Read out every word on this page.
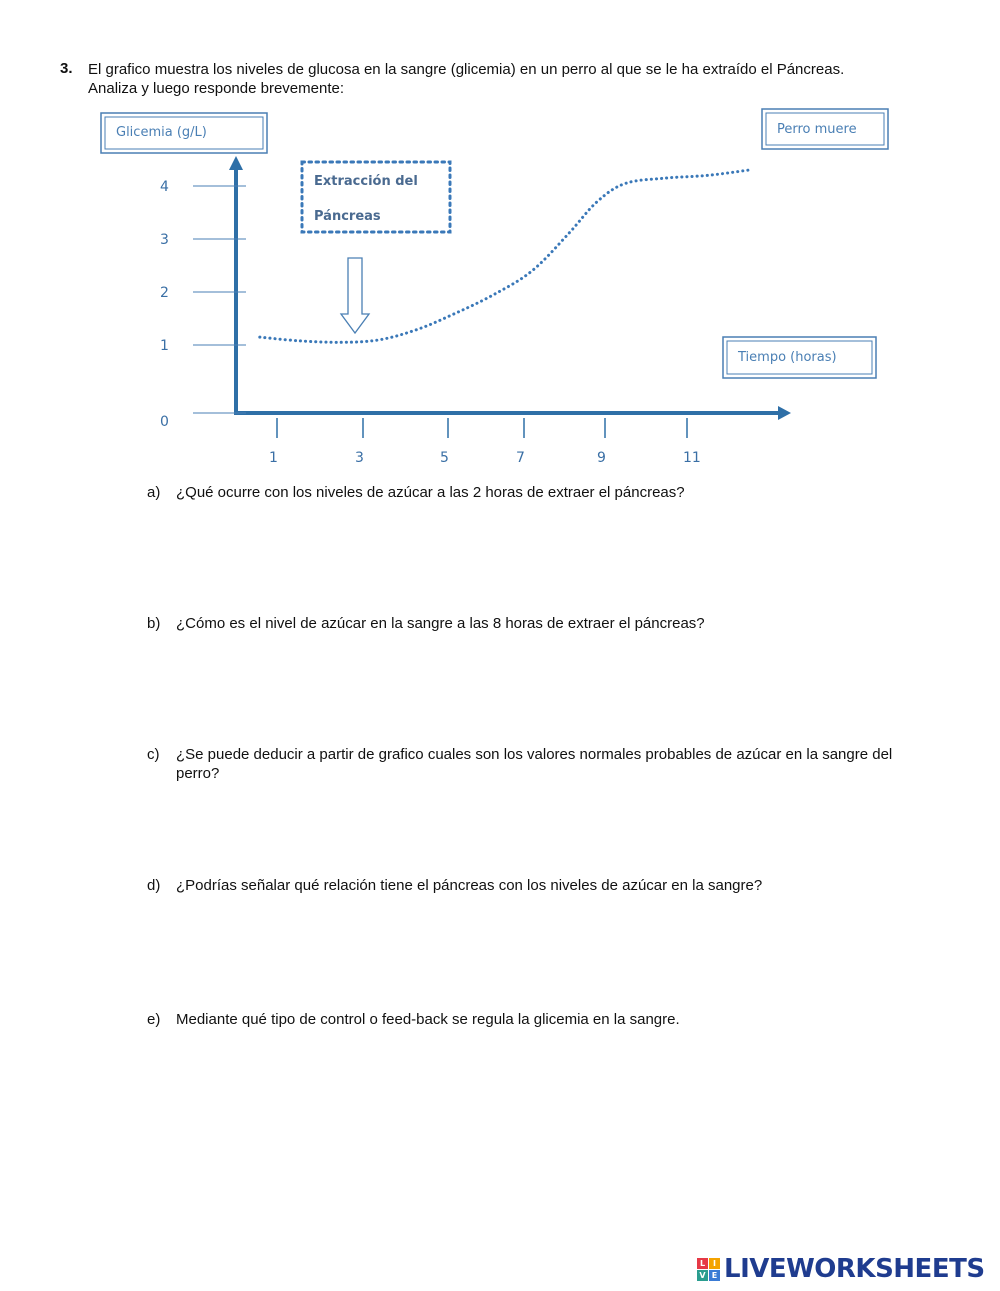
3. El grafico muestra los niveles de glucosa en la sangre (glicemia) en un perro al que se le ha extraído el Páncreas. Analiza y luego responde brevemente:
Glicemia (g/L)	Perro muere
Extracción del
Páncreas
Tiempo (horas)
0
1
2
3
4
1	3	5	7	9	11
a)	¿Qué ocurre con los niveles de azúcar a las 2 horas de extraer el páncreas?
b)	¿Cómo es el nivel de azúcar en la sangre a las 8 horas de extraer el páncreas?
c)	¿Se puede deducir a partir de grafico cuales son los valores normales probables de azúcar en la sangre del perro?
d)	¿Podrías señalar qué relación tiene el páncreas con los niveles de azúcar en la sangre?
e)	Mediante qué tipo de control o feed-back se regula la glicemia en la sangre.
L I
V E LIVEWORKSHEETS
